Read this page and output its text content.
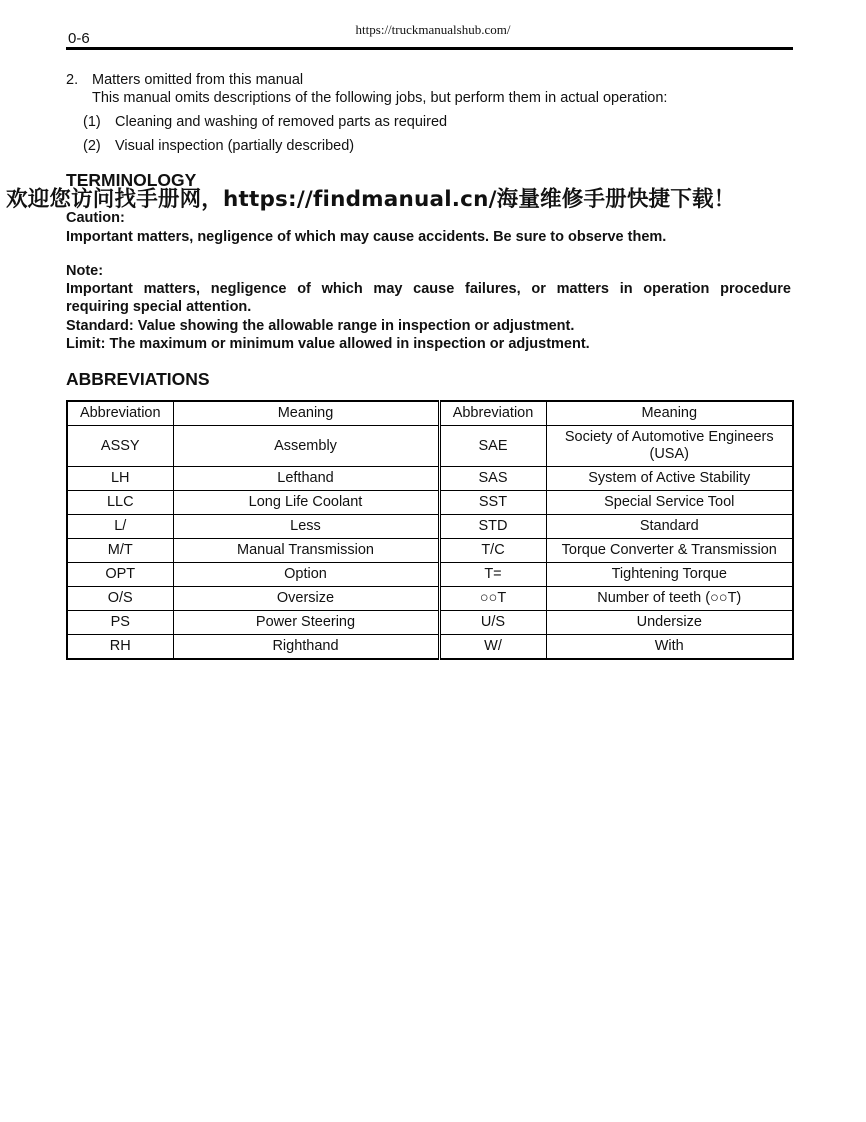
0-6
https://truckmanualshub.com/
2. Matters omitted from this manual
This manual omits descriptions of the following jobs, but perform them in actual operation:
(1) Cleaning and washing of removed parts as required
(2) Visual inspection (partially described)
TERMINOLOGY
欢迎您访问找手册网，https://findmanual.cn/海量维修手册快捷下载！
Caution:
Important matters, negligence of which may cause accidents. Be sure to observe them.
Note:
Important matters, negligence of which may cause failures, or matters in operation procedure
requiring special attention.
Standard: Value showing the allowable range in inspection or adjustment.
Limit: The maximum or minimum value allowed in inspection or adjustment.
ABBREVIATIONS
Abbreviation	Meaning	Abbreviation	Meaning
ASSY	Assembly	SAE	Society of Automotive Engineers (USA)
LH	Lefthand	SAS	System of Active Stability
LLC	Long Life Coolant	SST	Special Service Tool
L/	Less	STD	Standard
M/T	Manual Transmission	T/C	Torque Converter & Transmission
OPT	Option	T=	Tightening Torque
O/S	Oversize	○○T	Number of teeth (○○T)
PS	Power Steering	U/S	Undersize
RH	Righthand	W/	With
